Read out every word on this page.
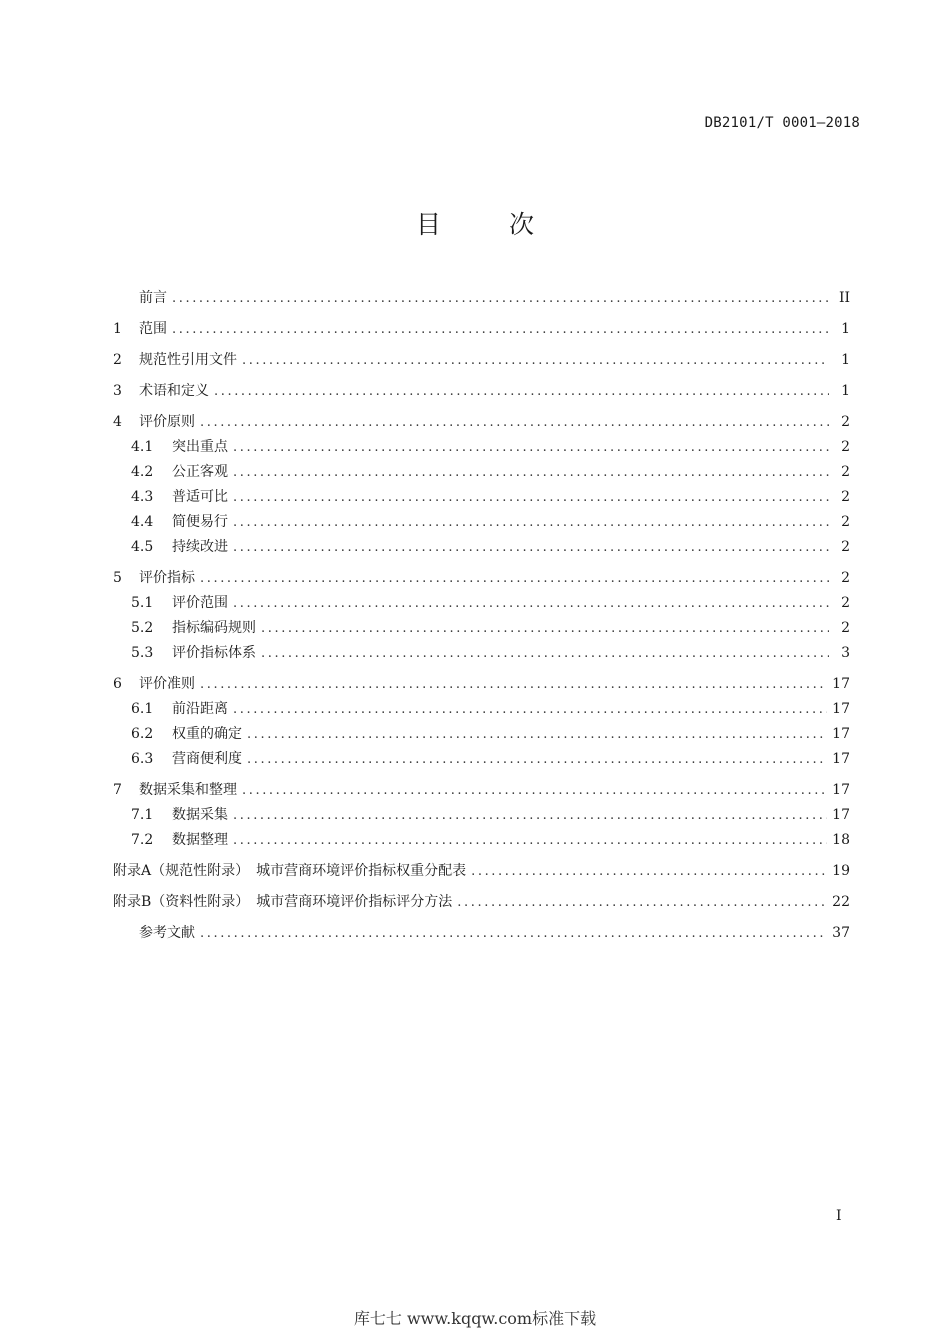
DB2101/T 0001—2018
目 次
前言 .....	II
1	范围 .....	1
2	规范性引用文件 .....	1
3	术语和定义 .....	1
4	评价原则 .....	2
4.1	突出重点 .....	2
4.2	公正客观 .....	2
4.3	普适可比 .....	2
4.4	简便易行 .....	2
4.5	持续改进 .....	2
5	评价指标 .....	2
5.1	评价范围 .....	2
5.2	指标编码规则 .....	2
5.3	评价指标体系 .....	3
6	评价准则 .....	17
6.1	前沿距离 .....	17
6.2	权重的确定 .....	17
6.3	营商便利度 .....	17
7	数据采集和整理 .....	17
7.1	数据采集 .....	17
7.2	数据整理 .....	18
附录A（规范性附录）　城市营商环境评价指标权重分配表 .....	19
附录B（资料性附录）　城市营商环境评价指标评分方法 .....	22
参考文献 .....	37
I
库七七 www.kqqw.com标准下载
